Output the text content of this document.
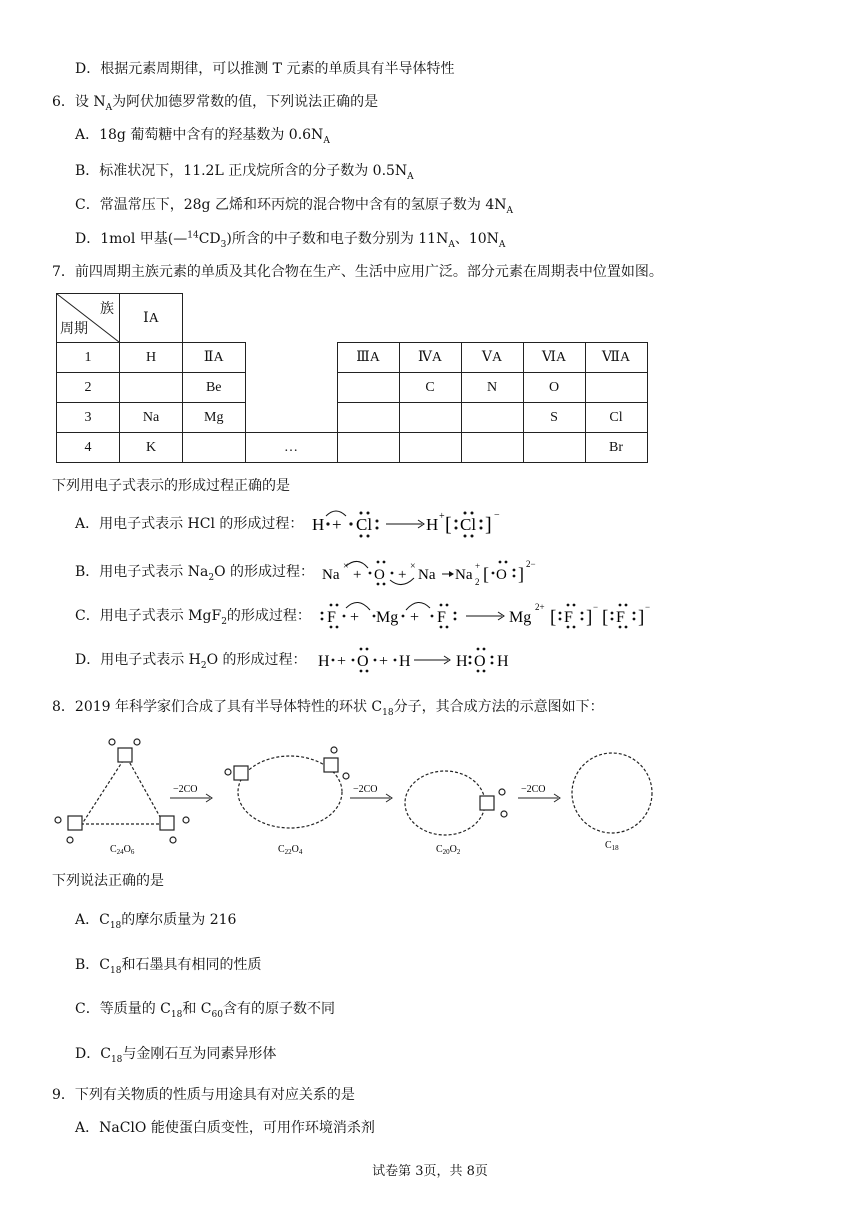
D．根据元素周期律，可以推测 T 元素的单质具有半导体特性
6．设 $N_A$为阿伏加德罗常数的值，下列说法正确的是
A．18g 葡萄糖中含有的羟基数为 $0.6N_A$
B．标准状况下，11.2L 正戊烷所含的分子数为 $0.5N_A$
C．常温常压下，28g 乙烯和环丙烷的混合物中含有的氢原子数为 $4N_A$
D．1mol 甲基$(—^{14}CD_3)$所含的中子数和电子数分别为 $11N_A$、$10N_A$
7．前四周期主族元素的单质及其化合物在生产、生活中应用广泛。部分元素在周期表中位置如图。
族
周期	ⅠA							
1	H	ⅡA		ⅢA	ⅣA	ⅤA	ⅥA	ⅦA
2		Be			C	N	O	
3	Na	Mg					S	Cl
4	K		…					Br
下列用电子式表示的形成过程正确的是
A．用电子式表示 HCl 的形成过程： H + Cl	H + [ Cl ] −
B．用电子式表示 $Na_2O$ 的形成过程： Na
×
+ O +
×
Na Na
+
2 [ O ] 2−
C．用电子式表示 MgF$_2$的形成过程： F + Mg + F	Mg
2+ [ F ] − [ F ] −
D．用电子式表示 $H_2O$ 的形成过程： H + O + H	H O H
8．2019 年科学家们合成了具有半导体特性的环状 $C_{18}$分子，其合成方法的示意图如下：
$C_{24}O_6$
−2CO
$C_{22}O_4$
−2CO
$C_{20}O_2$
−2CO
$C_{18}$
下列说法正确的是
A．$C_{18}$的摩尔质量为 216
B．$C_{18}$和石墨具有相同的性质
C．等质量的 $C_{18}$和 $C_{60}$含有的原子数不同
D．$C_{18}$与金刚石互为同素异形体
9．下列有关物质的性质与用途具有对应关系的是
A．NaClO 能使蛋白质变性，可用作环境消杀剂
试卷第 3页，共 8页
